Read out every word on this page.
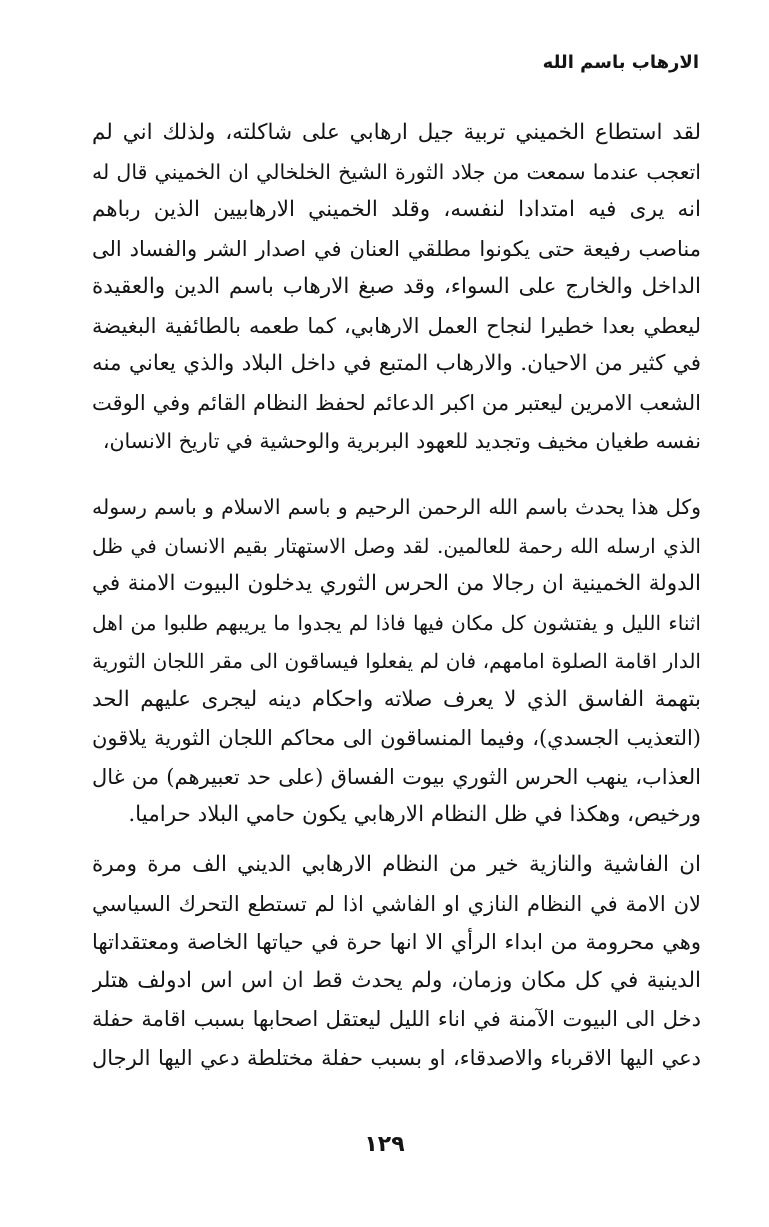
الارهاب باسم الله
لقد استطاع الخميني تربية جيل ارهابي على شاكلته، ولذلك اني لم
اتعجب عندما سمعت من جلاد الثورة الشيخ الخلخالي ان الخميني قال له
انه يرى فيه امتدادا لنفسه، وقلد الخميني الارهابيين الذين رباهم
مناصب رفيعة حتى يكونوا مطلقي العنان في اصدار الشر والفساد الى
الداخل والخارج على السواء، وقد صبغ الارهاب باسم الدين والعقيدة
ليعطي بعدا خطيرا لنجاح العمل الارهابي، كما طعمه بالطائفية البغيضة
في كثير من الاحيان. والارهاب المتبع في داخل البلاد والذي يعاني منه
الشعب الامرين ليعتبر من اكبر الدعائم لحفظ النظام القائم وفي الوقت
نفسه طغيان مخيف وتجديد للعهود البربرية والوحشية في تاريخ الانسان،
وكل هذا يحدث باسم الله الرحمن الرحيم و باسم الاسلام و باسم رسوله
الذي ارسله الله رحمة للعالمين. لقد وصل الاستهتار بقيم الانسان في ظل
الدولة الخمينية ان رجالا من الحرس الثوري يدخلون البيوت الامنة في
اثناء الليل و يفتشون كل مكان فيها فاذا لم يجدوا ما يريبهم طلبوا من اهل
الدار اقامة الصلوة امامهم، فان لم يفعلوا فيساقون الى مقر اللجان الثورية
بتهمة الفاسق الذي لا يعرف صلاته واحكام دينه ليجرى عليهم الحد
(التعذيب الجسدي)، وفيما المنساقون الى محاكم اللجان الثورية يلاقون
العذاب، ينهب الحرس الثوري بيوت الفساق (على حد تعبيرهم) من غال
ورخيص، وهكذا في ظل النظام الارهابي يكون حامي البلاد حراميا.
ان الفاشية والنازية خير من النظام الارهابي الديني الف مرة ومرة
لان الامة في النظام النازي او الفاشي اذا لم تستطع التحرك السياسي
وهي محرومة من ابداء الرأي الا انها حرة في حياتها الخاصة ومعتقداتها
الدينية في كل مكان وزمان، ولم يحدث قط ان اس اس ادولف هتلر
دخل الى البيوت الآمنة في اناء الليل ليعتقل اصحابها بسبب اقامة حفلة
دعي اليها الاقرباء والاصدقاء، او بسبب حفلة مختلطة دعي اليها الرجال
١٢٩
